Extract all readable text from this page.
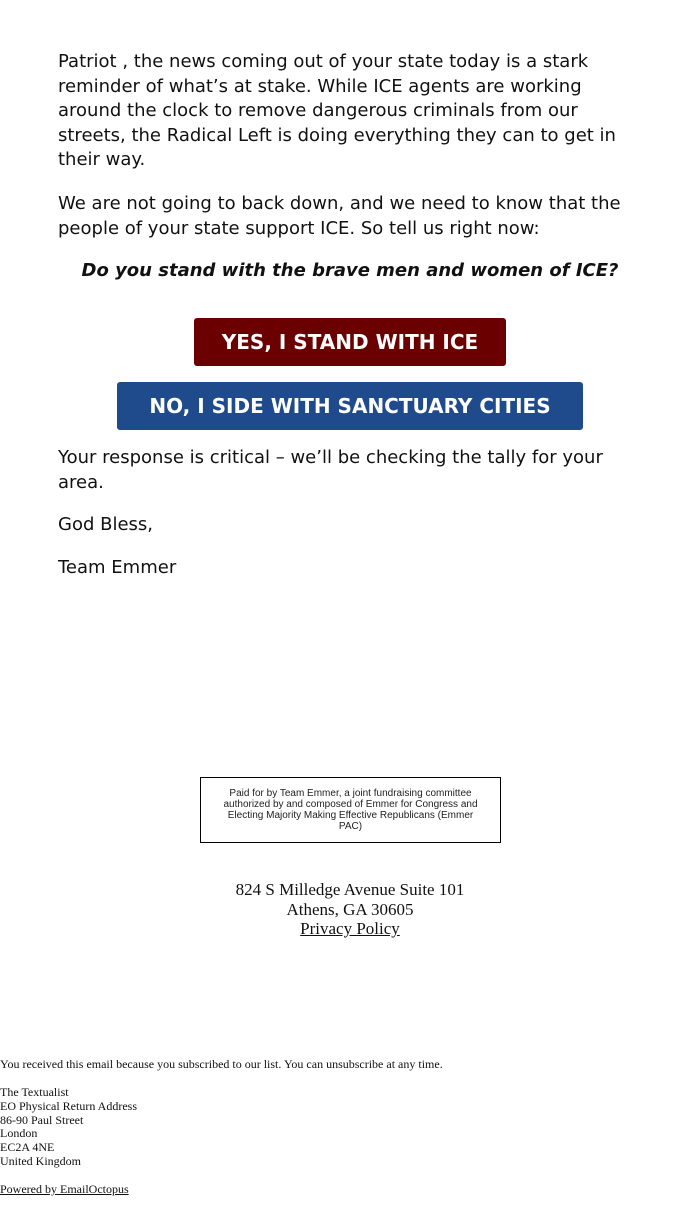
Patriot , the news coming out of your state today is a stark reminder of what’s at stake. While ICE agents are working around the clock to remove dangerous criminals from our streets, the Radical Left is doing everything they can to get in their way.

We are not going to back down, and we need to know that the people of your state support ICE. So tell us right now:

Do you stand with the brave men and women of ICE?

YES, I STAND WITH ICE
NO, I SIDE WITH SANCTUARY CITIES

Your response is critical – we’ll be checking the tally for your area.

God Bless,

Team Emmer

Paid for by Team Emmer, a joint fundraising committee authorized by and composed of Emmer for Congress and Electing Majority Making Effective Republicans (Emmer PAC)
824 S Milledge Avenue Suite 101
Athens, GA 30605
Privacy Policy
You received this email because you subscribed to our list. You can unsubscribe at any time.
The Textualist
EO Physical Return Address
86-90 Paul Street
London
EC2A 4NE
United Kingdom
Powered by EmailOctopus
